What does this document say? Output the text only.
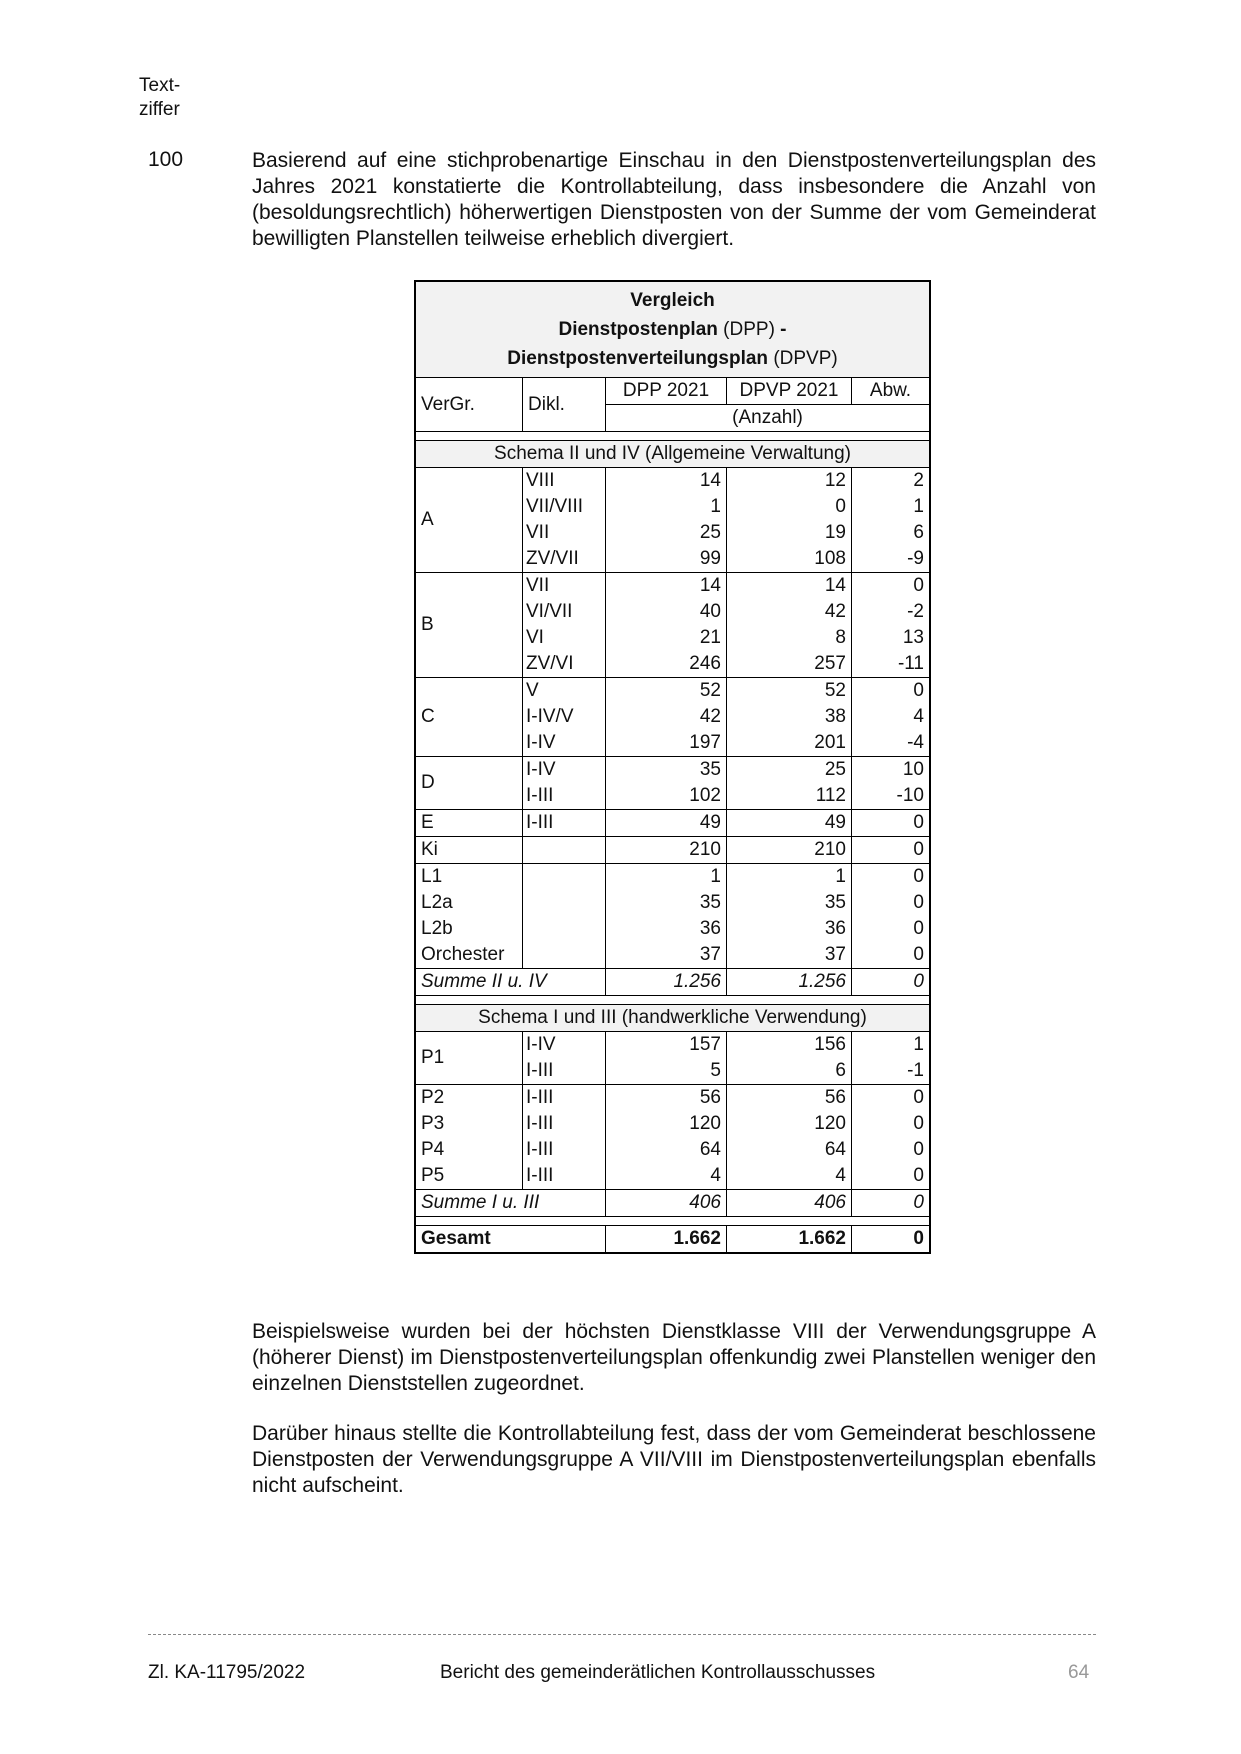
Text-
ziffer
100	Basierend auf eine stichprobenartige Einschau in den Dienstpostenverteilungsplan des Jahres 2021 konstatierte die Kontrollabteilung, dass insbesondere die Anzahl von (besoldungsrechtlich) höherwertigen Dienstposten von der Summe der vom Gemeinderat bewilligten Planstellen teilweise erheblich divergiert.

Vergleich
Dienstpostenplan (DPP) -
Dienstpostenverteilungsplan (DPVP)				

VerGr.	Dikl.	DPP 2021	DPVP 2021	Abw.
		(Anzahl)		

Schema II und IV (Allgemeine Verwaltung)				
A	VIII	14	12	2
	VII/VIII	1	0	1
	VII	25	19	6
	ZV/VII	99	108	-9
B	VII	14	14	0
	VI/VII	40	42	-2
	VI	21	8	13
	ZV/VI	246	257	-11
C	V	52	52	0
	I-IV/V	42	38	4
	I-IV	197	201	-4
D	I-IV	35	25	10
	I-III	102	112	-10
E	I-III	49	49	0
Ki		210	210	0
L1		1	1	0
L2a		35	35	0
L2b		36	36	0
Orchester		37	37	0
Summe II u. IV		1.256	1.256	0

Schema I und III (handwerkliche Verwendung)				
P1	I-IV	157	156	1
	I-III	5	6	-1
P2	I-III	56	56	0
P3	I-III	120	120	0
P4	I-III	64	64	0
P5	I-III	4	4	0
Summe I u. III		406	406	0

Gesamt		1.662	1.662	0

Beispielsweise wurden bei der höchsten Dienstklasse VIII der Verwendungsgruppe A (höherer Dienst) im Dienstpostenverteilungsplan offenkundig zwei Planstellen weniger den einzelnen Dienststellen zugeordnet.

Darüber hinaus stellte die Kontrollabteilung fest, dass der vom Gemeinderat beschlossene Dienstposten der Verwendungsgruppe A VII/VIII im Dienstpostenverteilungsplan ebenfalls nicht aufscheint.

Zl. KA-11795/2022	Bericht des gemeinderätlichen Kontrollausschusses	64
